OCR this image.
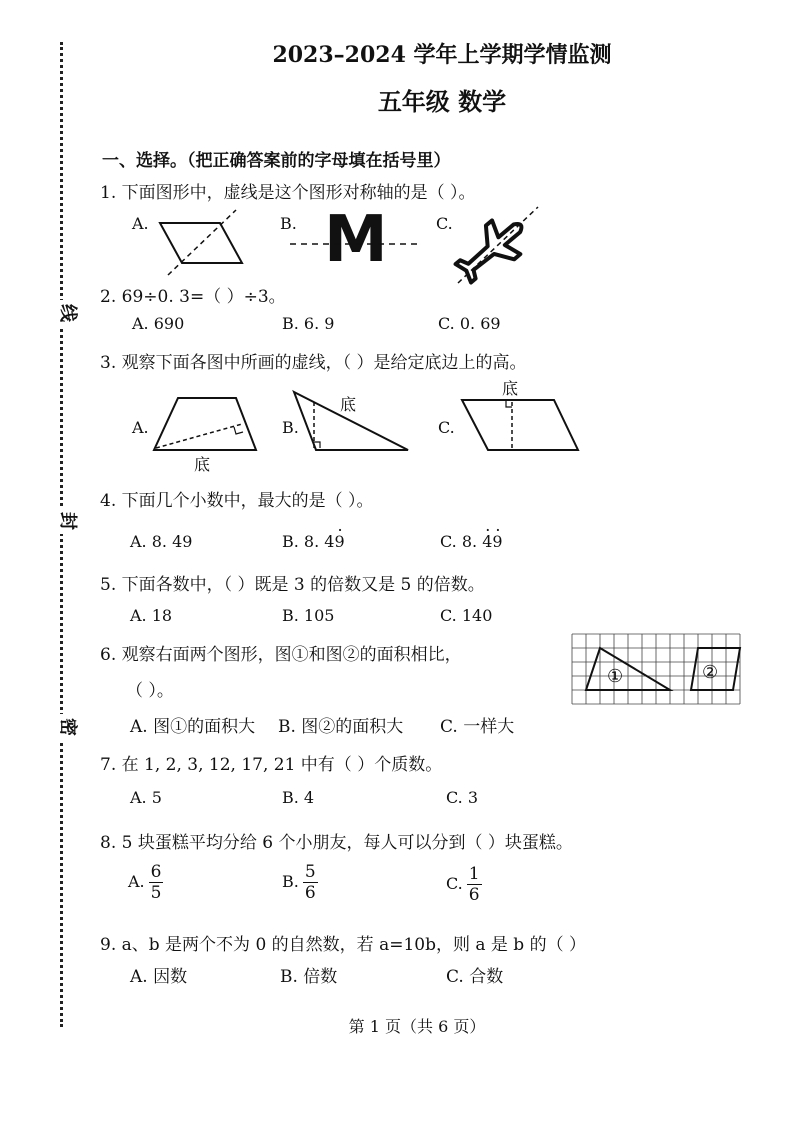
线
封
密
2023–2024 学年上学期学情监测
五年级 数学
一、选择。（把正确答案前的字母填在括号里）
1. 下面图形中，虚线是这个图形对称轴的是（ ）。
A.	B.	C.
M
2. 69÷0. 3=（ ）÷3。
A. 690	B. 6. 9	C. 0. 69
3. 观察下面各图中所画的虚线，（ ）是给定底边上的高。
A.	B.	C.
底
底
底
4. 下面几个小数中，最大的是（ ）。
A. 8. 49	B. 8. 4. 9	C. 8. . 4. 9
5. 下面各数中，（ ）既是 3 的倍数又是 5 的倍数。
A. 18	B. 105	C. 140
6. 观察右面两个图形，图①和图②的面积相比，
（ ）。
A. 图①的面积大 B. 图②的面积大 C. 一样大
①	②
7. 在 1, 2, 3, 12, 17, 21 中有（ ）个质数。
A. 5	B. 4	C. 3
8. 5 块蛋糕平均分给 6 个小朋友，每人可以分到（ ）块蛋糕。
A. $\frac{6}{5}$	B. $\frac{5}{6}$	C. $\frac{1}{6}$
9. a、b 是两个不为 0 的自然数，若 a=10b，则 a 是 b 的（ ）
A. 因数	B. 倍数	C. 合数
第 1 页（共 6 页）
